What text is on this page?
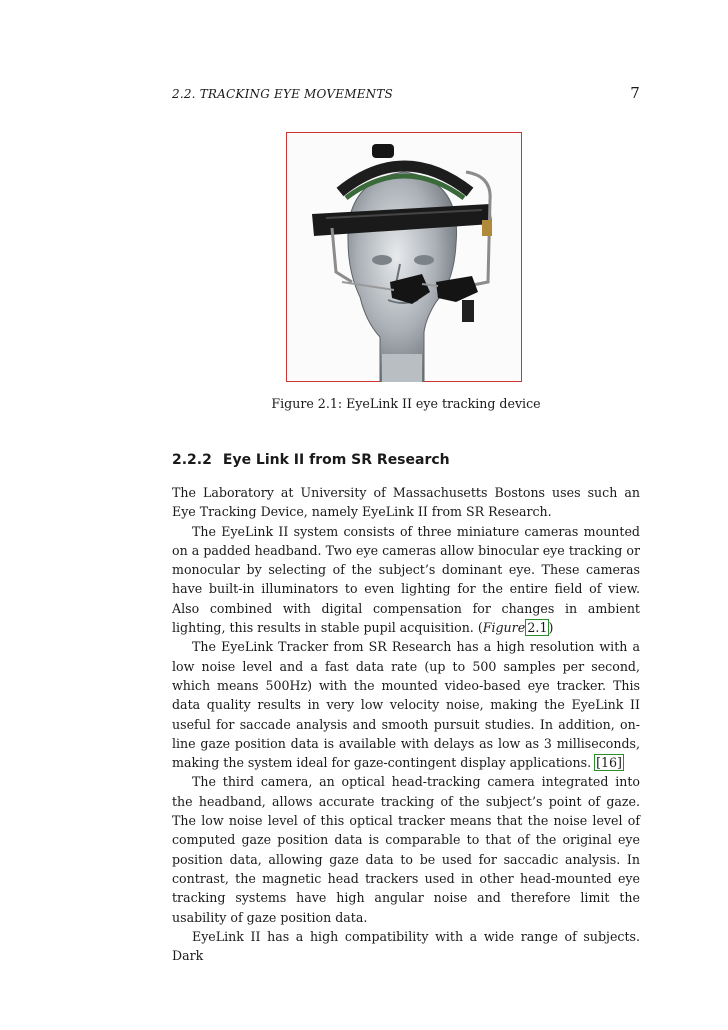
2.2. TRACKING EYE MOVEMENTS	7
Figure 2.1: EyeLink II eye tracking device
2.2.2 Eye Link II from SR Research

The Laboratory at University of Massachusetts Bostons uses such an Eye Tracking Device, namely EyeLink II from SR Research.

The EyeLink II system consists of three miniature cameras mounted on a padded headband. Two eye cameras allow binocular eye tracking or monocular by selecting of the subject’s dominant eye. These cameras have built-in illuminators to even lighting for the entire field of view. Also combined with digital compensation for changes in ambient lighting, this results in stable pupil acquisition. (Figure  2.1)

The EyeLink Tracker from SR Research has a high resolution with a low noise level and a fast data rate (up to 500 samples per second, which means 500Hz) with the mounted video-based eye tracker. This data quality results in very low velocity noise, making the EyeLink II useful for saccade analysis and smooth pursuit studies. In addition, on-line gaze position data is available with delays as low as 3 milliseconds, making the system ideal for gaze-contingent display applications. [16]

The third camera, an optical head-tracking camera integrated into the headband, allows accurate tracking of the subject’s point of gaze. The low noise level of this optical tracker means that the noise level of computed gaze position data is comparable to that of the original eye position data, allowing gaze data to be used for saccadic analysis. In contrast, the magnetic head trackers used in other head-mounted eye tracking systems have high angular noise and therefore limit the usability of gaze position data.

EyeLink II has a high compatibility with a wide range of subjects. Dark
